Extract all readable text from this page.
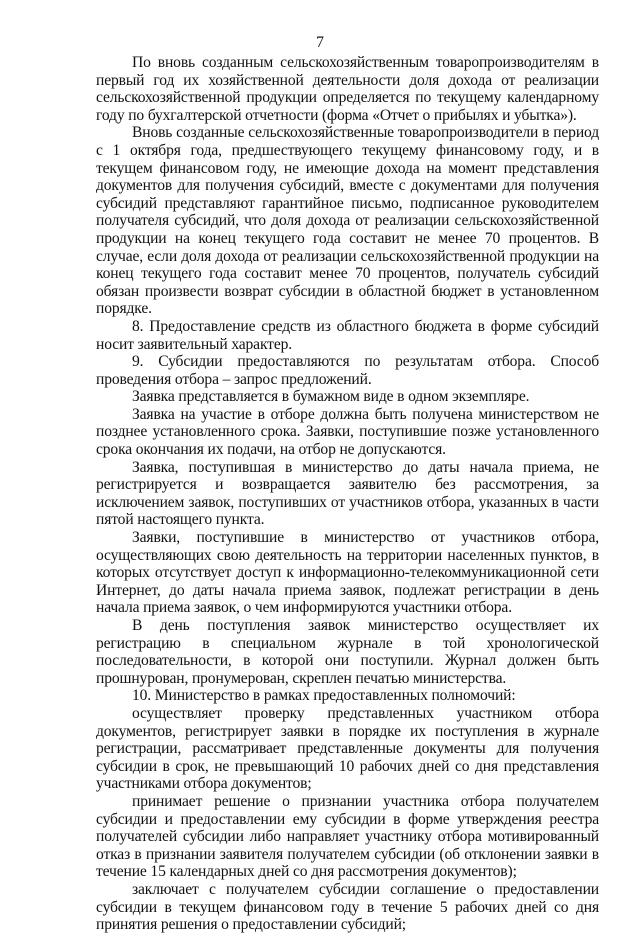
7

По вновь созданным сельскохозяйственным товаропроизводителям в первый год их хозяйственной деятельности доля дохода от реализации сельскохозяйственной продукции определяется по текущему календарному году по бухгалтерской отчетности (форма «Отчет о прибылях и убытка»).

Вновь созданные сельскохозяйственные товаропроизводители в период с 1 октября года, предшествующего текущему финансовому году, и в текущем финансовом году, не имеющие дохода на момент представления документов для получения субсидий, вместе с документами для получения субсидий представляют гарантийное письмо, подписанное руководителем получателя субсидий, что доля дохода от реализации сельскохозяйственной продукции на конец текущего года составит не менее 70 процентов. В случае, если доля дохода от реализации сельскохозяйственной продукции на конец текущего года составит менее 70 процентов, получатель субсидий обязан произвести возврат субсидии в областной бюджет в установленном порядке.

8. Предоставление средств из областного бюджета в форме субсидий носит заявительный характер.

9. Субсидии предоставляются по результатам отбора. Способ проведения отбора – запрос предложений.

Заявка представляется в бумажном виде в одном экземпляре.

Заявка на участие в отборе должна быть получена министерством не позднее установленного срока. Заявки, поступившие позже установленного срока окончания их подачи, на отбор не допускаются.

Заявка, поступившая в министерство до даты начала приема, не регистрируется и возвращается заявителю без рассмотрения, за исключением заявок, поступивших от участников отбора, указанных в части пятой настоящего пункта.

Заявки, поступившие в министерство от участников отбора, осуществляющих свою деятельность на территории населенных пунктов, в которых отсутствует доступ к информационно-телекоммуникационной сети Интернет, до даты начала приема заявок, подлежат регистрации в день начала приема заявок, о чем информируются участники отбора.

В день поступления заявок министерство осуществляет их регистрацию в специальном журнале в той хронологической последовательности, в которой они поступили. Журнал должен быть прошнурован, пронумерован, скреплен печатью министерства.

10. Министерство в рамках предоставленных полномочий:

осуществляет проверку представленных участником отбора документов, регистрирует заявки в порядке их поступления в журнале регистрации, рассматривает представленные документы для получения субсидии в срок, не превышающий 10 рабочих дней со дня представления участниками отбора документов;

принимает решение о признании участника отбора получателем субсидии и предоставлении ему субсидии в форме утверждения реестра получателей субсидии либо направляет участнику отбора мотивированный отказ в признании заявителя получателем субсидии (об отклонении заявки в течение 15 календарных дней со дня рассмотрения документов);

заключает с получателем субсидии соглашение о предоставлении субсидии в текущем финансовом году в течение 5 рабочих дней со дня принятия решения о предоставлении субсидий;
